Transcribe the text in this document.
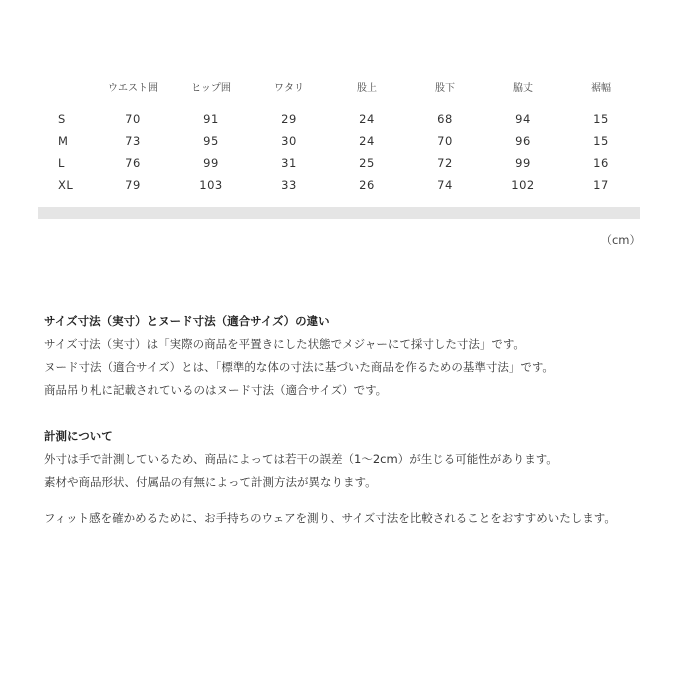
	ウエスト囲	ヒップ囲	ワタリ	股上	股下	脇丈	裾幅

S	70	91	29	24	68	94	15
M	73	95	30	24	70	96	15
L	76	99	31	25	72	99	16
XL	79	103	33	26	74	102	17
（cm）

サイズ寸法（実寸）とヌード寸法（適合サイズ）の違い

サイズ寸法（実寸）は「実際の商品を平置きにした状態でメジャーにて採寸した寸法」です。

ヌード寸法（適合サイズ）とは、「標準的な体の寸法に基づいた商品を作るための基準寸法」です。

商品吊り札に記載されているのはヌード寸法（適合サイズ）です。

計測について

外寸は手で計測しているため、商品によっては若干の誤差（1～2cm）が生じる可能性があります。

素材や商品形状、付属品の有無によって計測方法が異なります。

フィット感を確かめるために、お手持ちのウェアを測り、サイズ寸法を比較されることをおすすめいたします。
